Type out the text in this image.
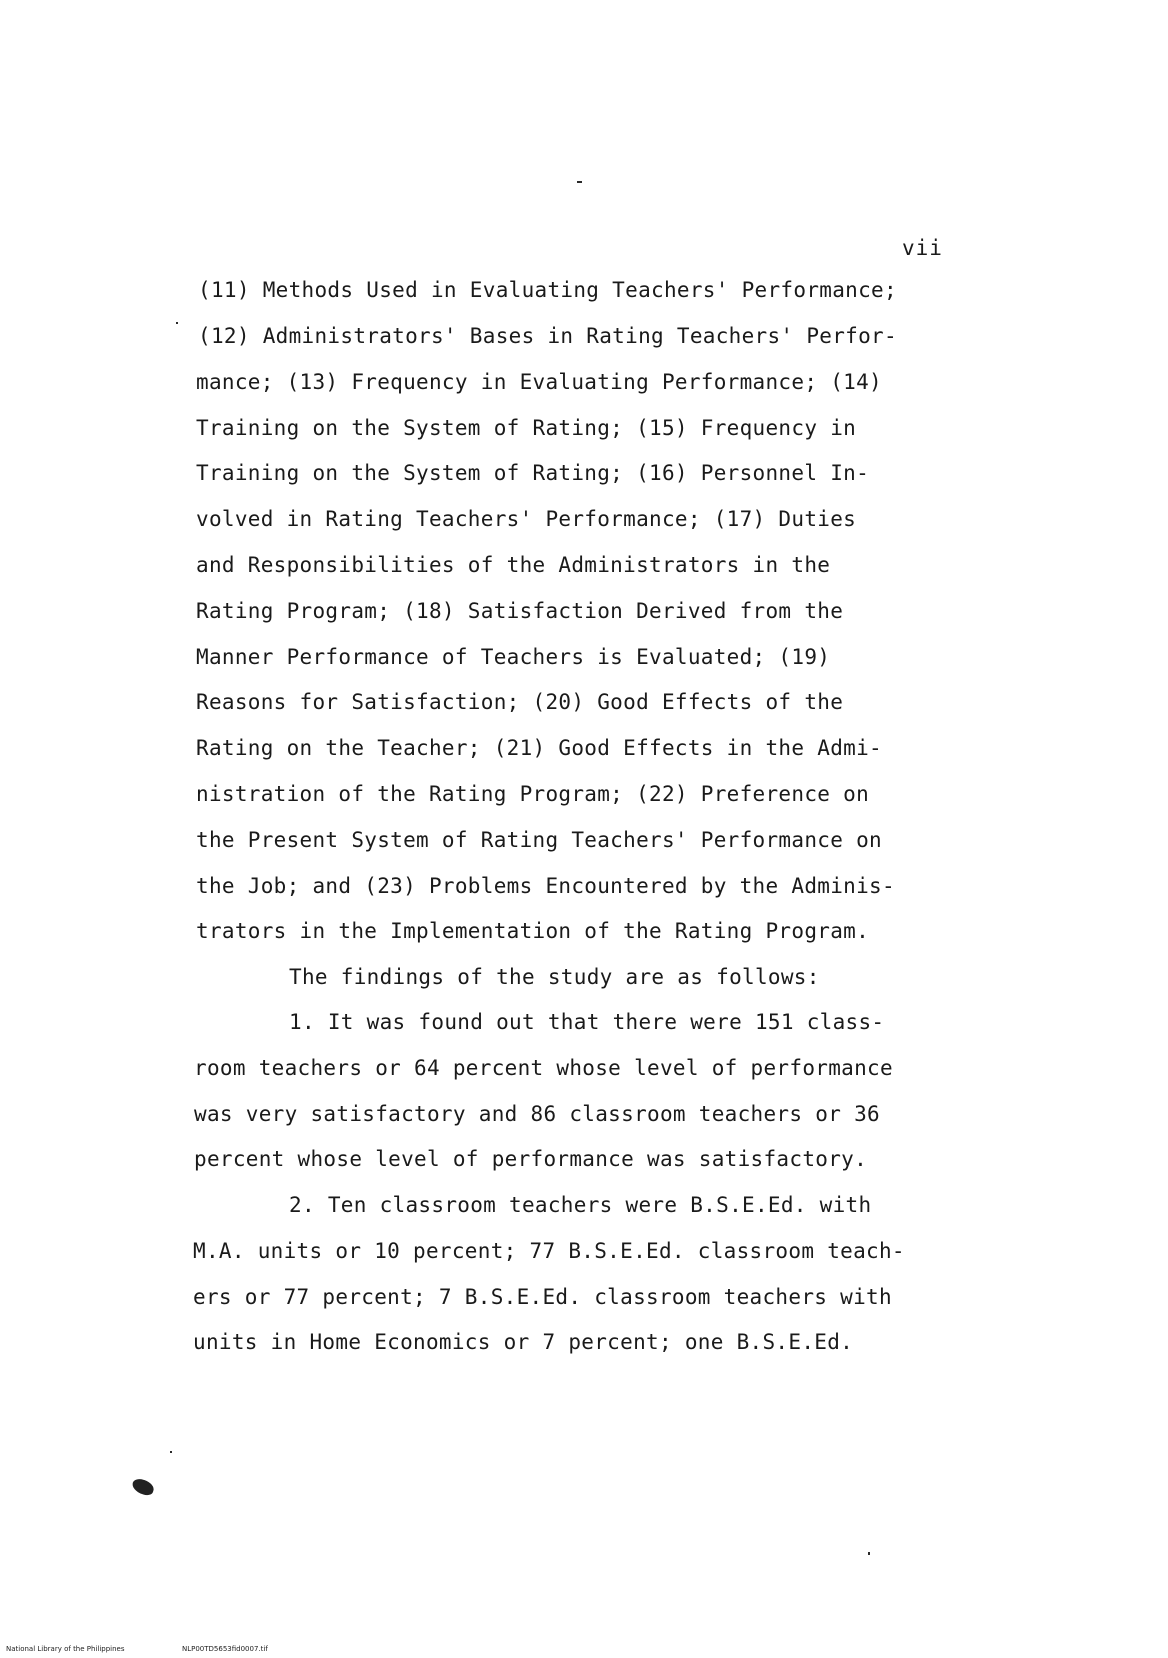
vii
(11) Methods Used in Evaluating Teachers' Performance;
(12) Administrators' Bases in Rating Teachers' Perfor-
mance; (13) Frequency in Evaluating Performance; (14)
Training on the System of Rating; (15) Frequency in
Training on the System of Rating; (16) Personnel In-
volved in Rating Teachers' Performance; (17) Duties
and Responsibilities of the Administrators in the
Rating Program; (18) Satisfaction Derived from the
Manner Performance of Teachers is Evaluated; (19)
Reasons for Satisfaction; (20) Good Effects of the
Rating on the Teacher; (21) Good Effects in the Admi-
nistration of the Rating Program; (22) Preference on
the Present System of Rating Teachers' Performance on
the Job; and (23) Problems Encountered by the Adminis-
trators in the Implementation of the Rating Program.
The findings of the study are as follows:
1. It was found out that there were 151 class-
room teachers or 64 percent whose level of performance
was very satisfactory and 86 classroom teachers or 36
percent whose level of performance was satisfactory.
2. Ten classroom teachers were B.S.E.Ed. with
M.A. units or 10 percent; 77 B.S.E.Ed. classroom teach-
ers or 77 percent; 7 B.S.E.Ed. classroom teachers with
units in Home Economics or 7 percent; one B.S.E.Ed.
National Library of the Philippines	NLP00TD5653fid0007.tif
